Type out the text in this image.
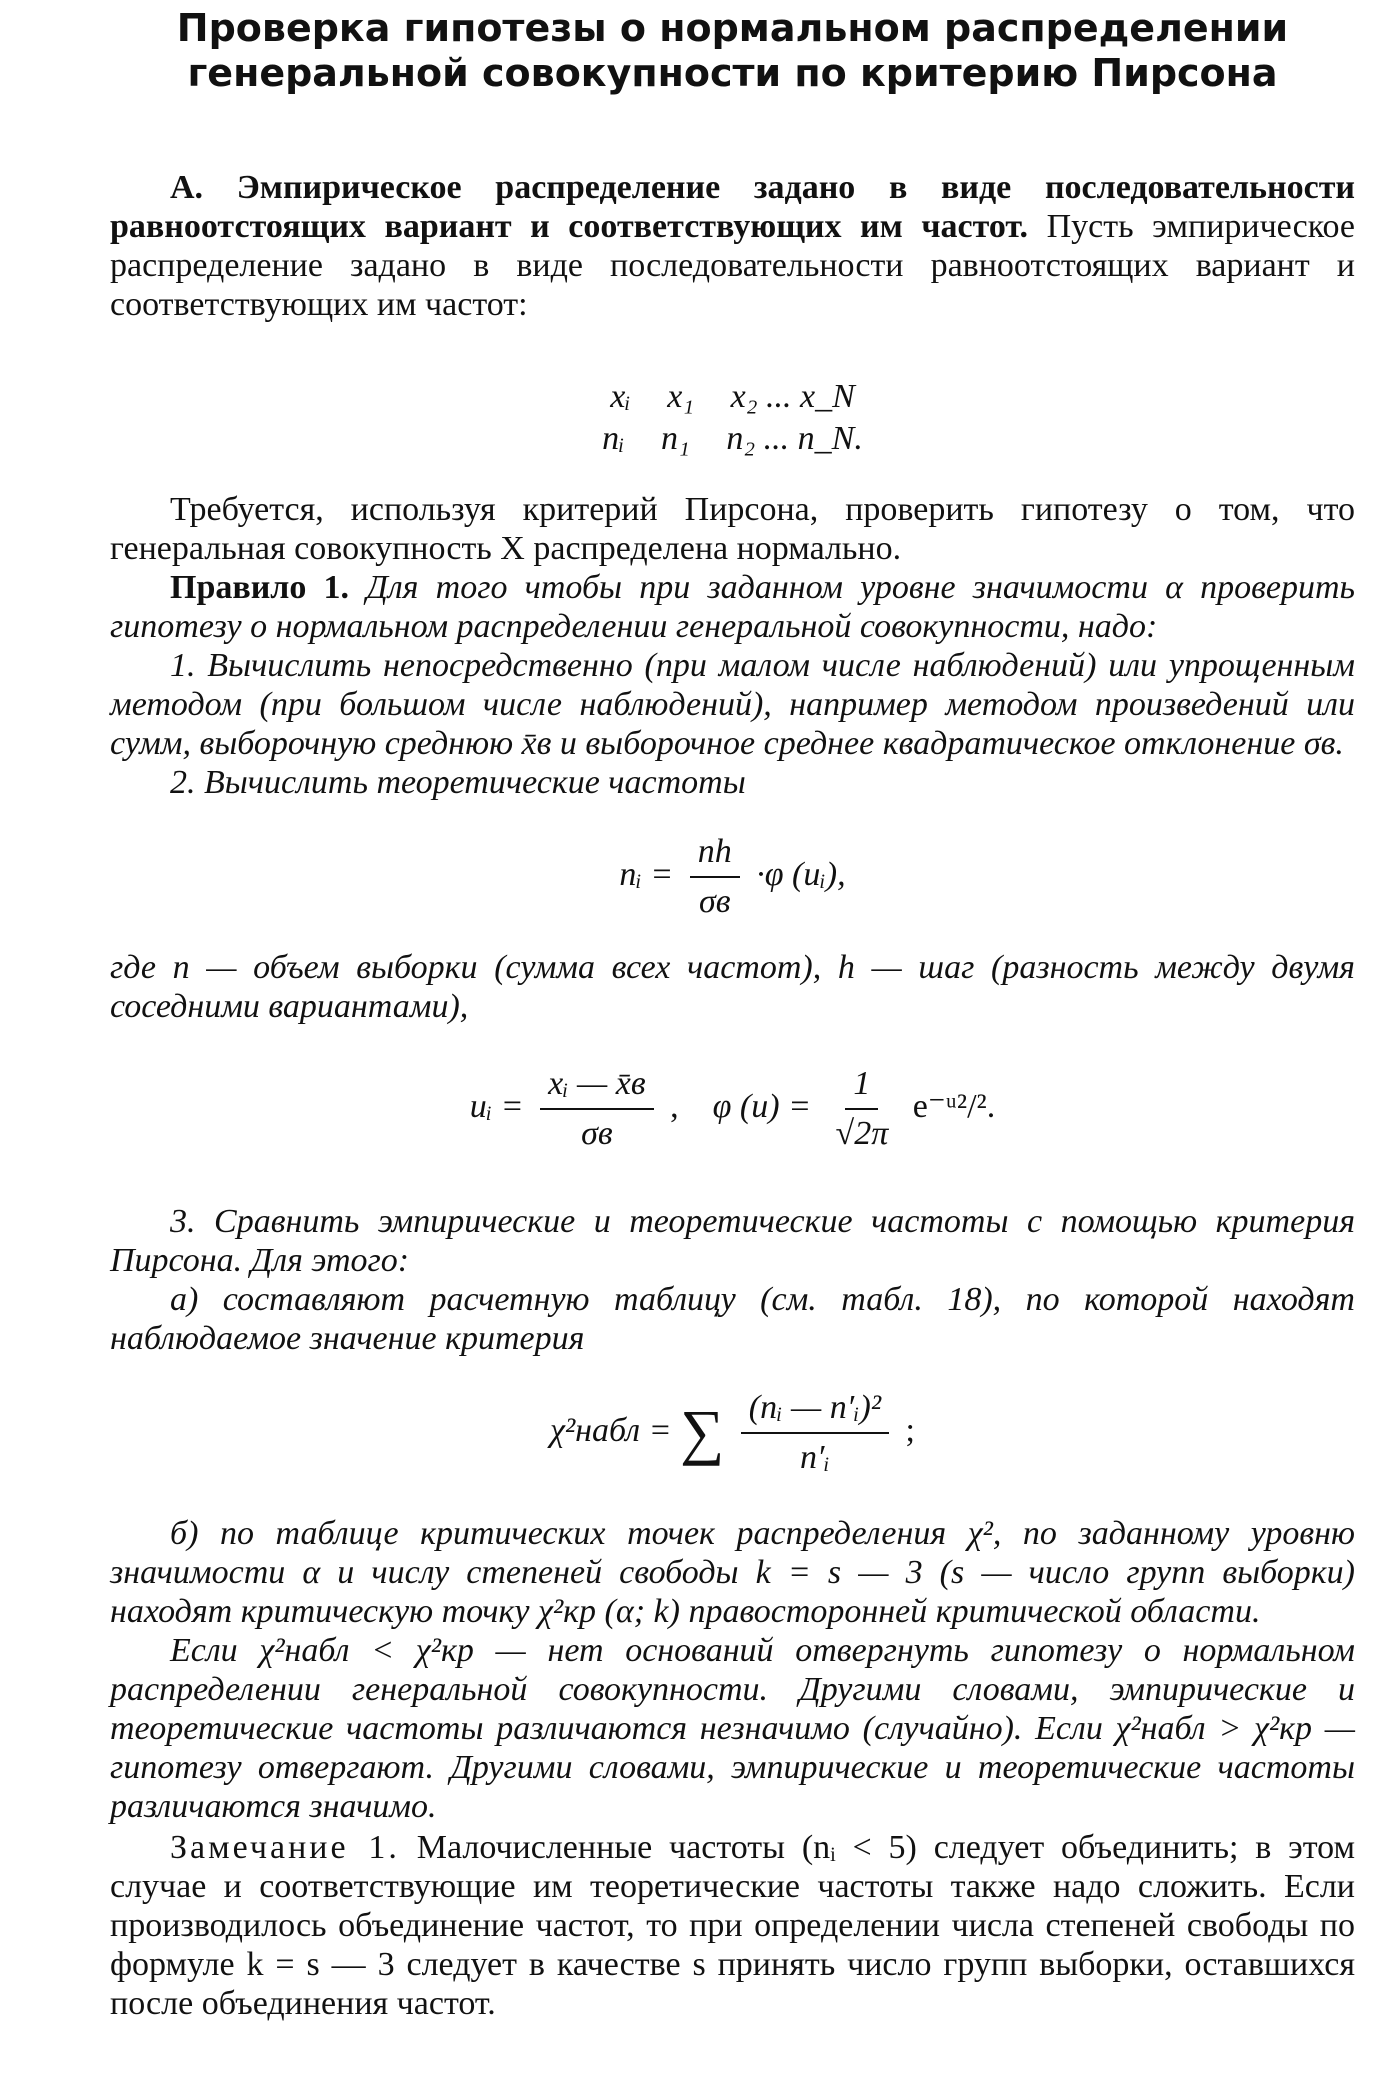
Проверка гипотезы о нормальном распределении
генеральной совокупности по критерию Пирсона

А. Эмпирическое распределение задано в виде последовательности равноотстоящих вариант и соответствующих им частот. Пусть эмпирическое распределение задано в виде последовательности равноотстоящих вариант и соответствующих им частот:

xᵢ x₁ x₂ ... x_N
nᵢ n₁ n₂ ... n_N.

Требуется, используя критерий Пирсона, проверить гипотезу о том, что генеральная совокупность X распределена нормально.

Правило 1. Для того чтобы при заданном уровне значимости α проверить гипотезу о нормальном распределении генеральной совокупности, надо:

1. Вычислить непосредственно (при малом числе наблюдений) или упрощенным методом (при большом числе наблюдений), например методом произведений или сумм, выборочную среднюю x̄в и выборочное среднее квадратическое отклонение σв.

2. Вычислить теоретические частоты

nᵢ = $\frac{nh}{\sigma в} \cdot\varphi$ (uᵢ),

где n — объем выборки (сумма всех частот), h — шаг (разность между двумя соседними вариантами),

uᵢ = $\frac{\text{xᵢ — x̄в}}{\sigma в}$ , φ $(u) = \frac{1}{√2\pi}$ e⁻ᵘ²/².

3. Сравнить эмпирические и теоретические частоты с помощью критерия Пирсона. Для этого:

а) составляют расчетную таблицу (см. табл. 18), по которой находят наблюдаемое значение критерия

χ²набл = ∑ $\frac{\text{(nᵢ — n′ᵢ)²}}{\text{n′ᵢ}}$ ;

б) по таблице критических точек распределения χ², по заданному уровню значимости α и числу степеней свободы k = s — 3 (s — число групп выборки) находят критическую точку χ²кр (α; k) правосторонней критической области.

Если χ²набл < χ²кр — нет оснований отвергнуть гипотезу о нормальном распределении генеральной совокупности. Другими словами, эмпирические и теоретические частоты различаются незначимо (случайно). Если χ²набл > χ²кр — гипотезу отвергают. Другими словами, эмпирические и теоретические частоты различаются значимо.

Замечание 1. Малочисленные частоты (nᵢ < 5) следует объединить; в этом случае и соответствующие им теоретические частоты также надо сложить. Если производилось объединение частот, то при определении числа степеней свободы по формуле k = s — 3 следует в качестве s принять число групп выборки, оставшихся после объединения частот.
